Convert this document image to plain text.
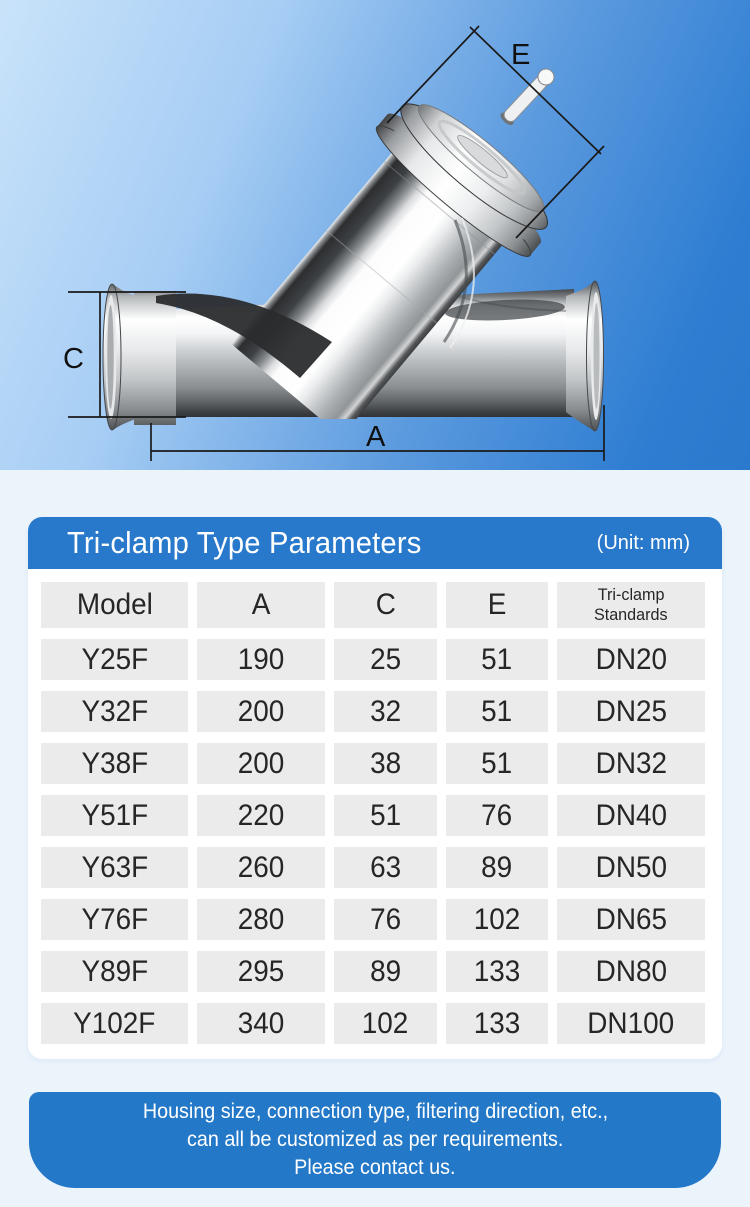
E
C
A
Tri-clamp Type Parameters	(Unit: mm)
Model	A	C	E	Tri-clamp
Standards
Y25F	190	25	51	DN20
Y32F	200	32	51	DN25
Y38F	200	38	51	DN32
Y51F	220	51	76	DN40
Y63F	260	63	89	DN50
Y76F	280	76 102	DN65
Y89F	295	89 133	DN80
Y102F	340	102 133 DN100
Housing size, connection type, filtering direction, etc.,
can all be customized as per requirements.
Please contact us.
